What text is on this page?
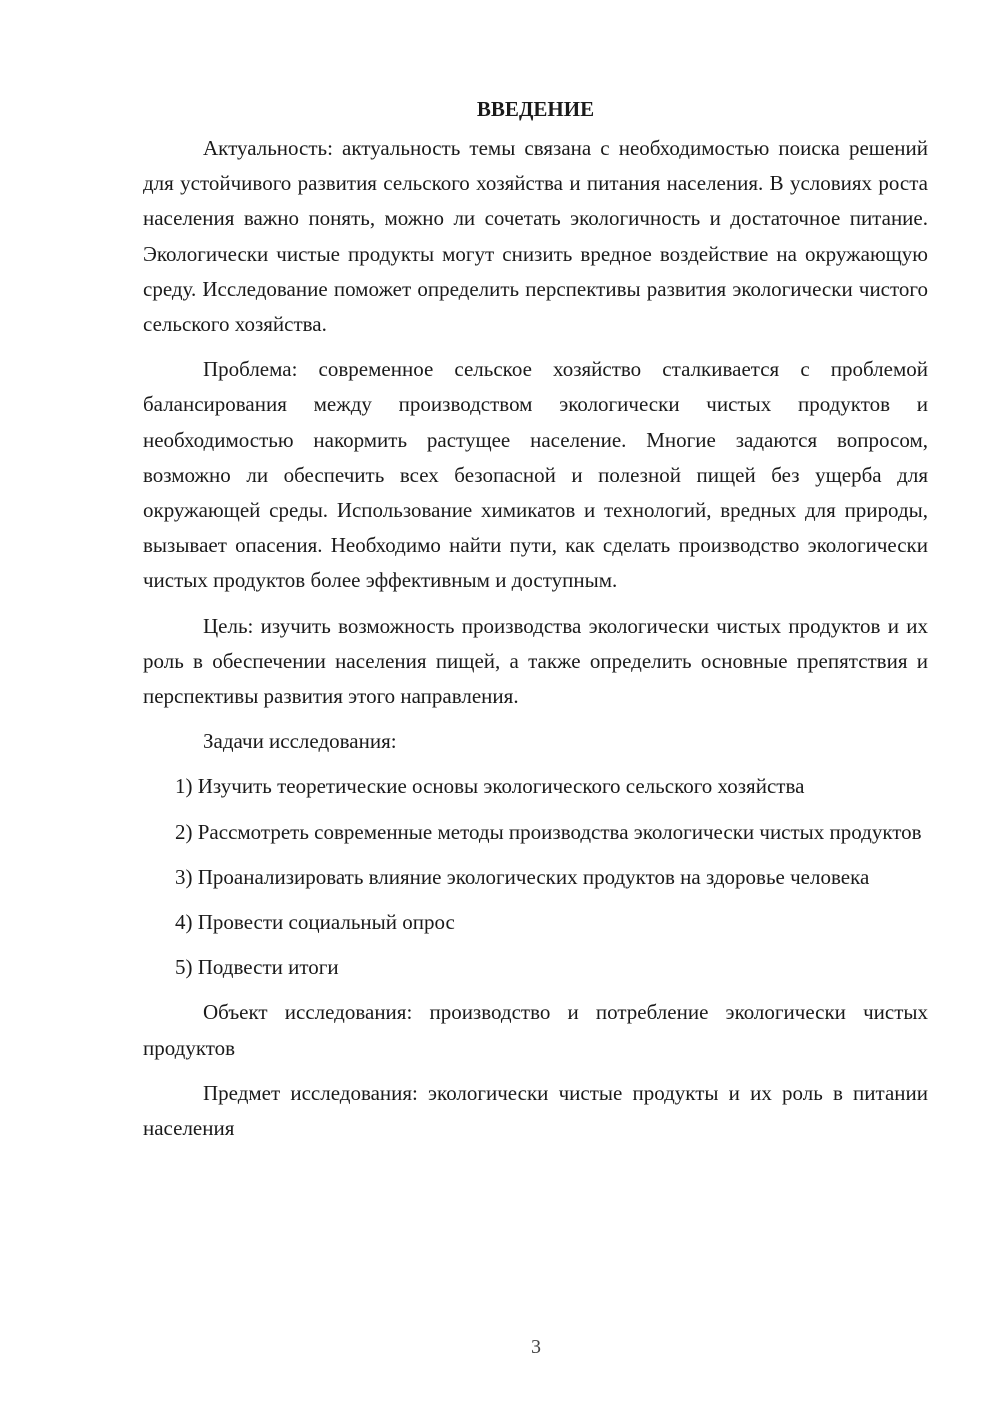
ВВЕДЕНИЕ

Актуальность: актуальность темы связана с необходимостью поиска решений для устойчивого развития сельского хозяйства и питания населения. В условиях роста населения важно понять, можно ли сочетать экологичность и достаточное питание. Экологически чистые продукты могут снизить вредное воздействие на окружающую среду. Исследование поможет определить перспективы развития экологически чистого сельского хозяйства.

Проблема: современное сельское хозяйство сталкивается с проблемой балансирования между производством экологически чистых продуктов и необходимостью накормить растущее население. Многие задаются вопросом, возможно ли обеспечить всех безопасной и полезной пищей без ущерба для окружающей среды. Использование химикатов и технологий, вредных для природы, вызывает опасения. Необходимо найти пути, как сделать производство экологически чистых продуктов более эффективным и доступным.

Цель: изучить возможность производства экологически чистых продуктов и их роль в обеспечении населения пищей, а также определить основные препятствия и перспективы развития этого направления.

Задачи исследования:

1) Изучить теоретические основы экологического сельского хозяйства

2) Рассмотреть современные методы производства экологически чистых продуктов

3) Проанализировать влияние экологических продуктов на здоровье человека

4) Провести социальный опрос

5) Подвести итоги

Объект исследования: производство и потребление экологически чистых продуктов

Предмет исследования: экологически чистые продукты и их роль в питании населения

3
